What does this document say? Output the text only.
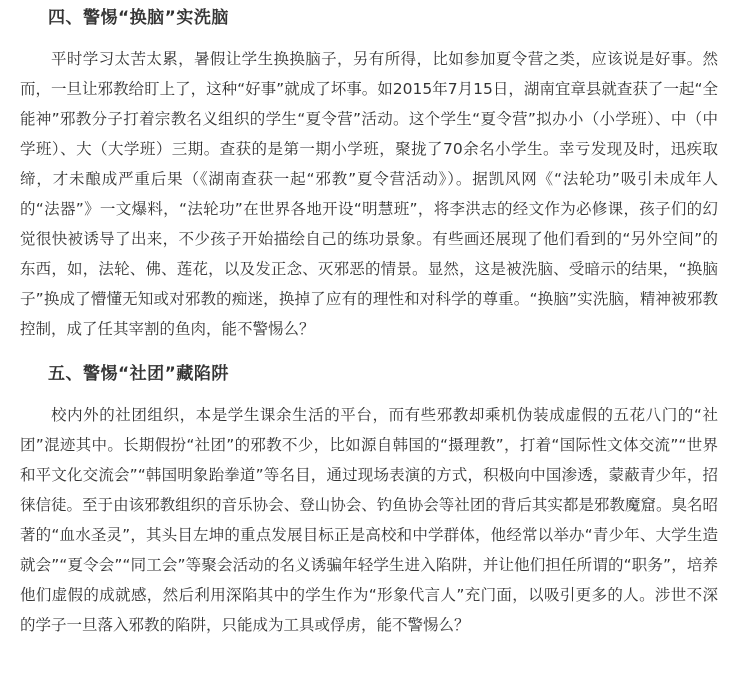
四、警惕“换脑”实洗脑

平时学习太苦太累，暑假让学生换换脑子，另有所得，比如参加夏令营之类，应该说是好事。然而，一旦让邪教给盯上了，这种“好事”就成了坏事。如2015年7月15日，湖南宜章县就查获了一起“全能神”邪教分子打着宗教名义组织的学生“夏令营”活动。这个学生“夏令营”拟办小（小学班）、中（中学班）、大（大学班）三期。查获的是第一期小学班，聚拢了70余名小学生。幸亏发现及时，迅疾取缔，才未酿成严重后果（《湖南查获一起“邪教”夏令营活动》）。据凯风网《“法轮功”吸引未成年人的“法器”》一文爆料，“法轮功”在世界各地开设“明慧班”，将李洪志的经文作为必修课，孩子们的幻觉很快被诱导了出来，不少孩子开始描绘自己的练功景象。有些画还展现了他们看到的“另外空间”的东西，如，法轮、佛、莲花，以及发正念、灭邪恶的情景。显然，这是被洗脑、受暗示的结果，“换脑子”换成了懵懂无知或对邪教的痴迷，换掉了应有的理性和对科学的尊重。“换脑”实洗脑，精神被邪教控制，成了任其宰割的鱼肉，能不警惕么？

五、警惕“社团”藏陷阱

校内外的社团组织，本是学生课余生活的平台，而有些邪教却乘机伪装成虚假的五花八门的“社团”混迹其中。长期假扮“社团”的邪教不少，比如源自韩国的“摄理教”，打着“国际性文体交流”“世界和平文化交流会”“韩国明象跆拳道”等名目，通过现场表演的方式，积极向中国渗透，蒙蔽青少年，招徕信徒。至于由该邪教组织的音乐协会、登山协会、钓鱼协会等社团的背后其实都是邪教魔窟。臭名昭著的“血水圣灵”，其头目左坤的重点发展目标正是高校和中学群体，他经常以举办“青少年、大学生造就会”“夏令会”“同工会”等聚会活动的名义诱骗年轻学生进入陷阱，并让他们担任所谓的“职务”，培养他们虚假的成就感，然后利用深陷其中的学生作为“形象代言人”充门面，以吸引更多的人。涉世不深的学子一旦落入邪教的陷阱，只能成为工具或俘虏，能不警惕么？
